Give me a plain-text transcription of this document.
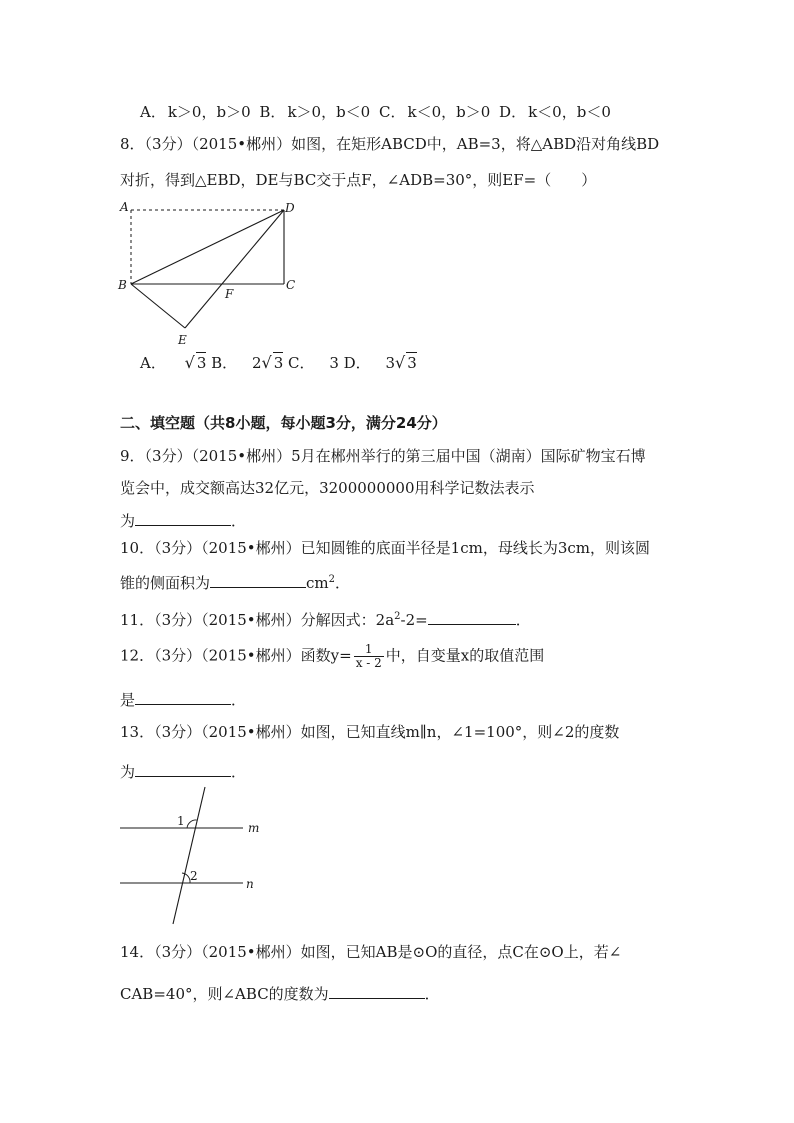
A． k＞0，b＞0 B． k＞0，b＜0 C． k＜0，b＞0 D． k＜0，b＜0
8．（3分）（2015•郴州）如图，在矩形ABCD中，AB=3，将△ABD沿对角线BD
对折，得到△EBD，DE与BC交于点F，∠ADB=30°，则EF=（　　）
A	D
B	C
F
E
A． √ 3 B． 2√ 3 C． 3 D． 3√ 3
二、填空题（共8小题，每小题3分，满分24分）
9．（3分）（2015•郴州）5月在郴州举行的第三届中国（湖南）国际矿物宝石博
览会中，成交额高达32亿元，3200000000用科学记数法表示
为	．
10．（3分）（2015•郴州）已知圆锥的底面半径是1cm，母线长为3cm，则该圆
锥的侧面积为	$cm^2$．
11．（3分）（2015•郴州）分解因式：$2a^2-2=$	．
12．（3分）（2015•郴州）函数$y= \frac{1}{x - 2}$ 中，自变量x的取值范围
是	．
13．（3分）（2015•郴州）如图，已知直线m∥n，∠1=100°，则∠2的度数
为	．
1
2
m
n
14．（3分）（2015•郴州）如图，已知AB是⊙O的直径，点C在⊙O上，若∠
CAB=40°，则∠ABC的度数为	．
